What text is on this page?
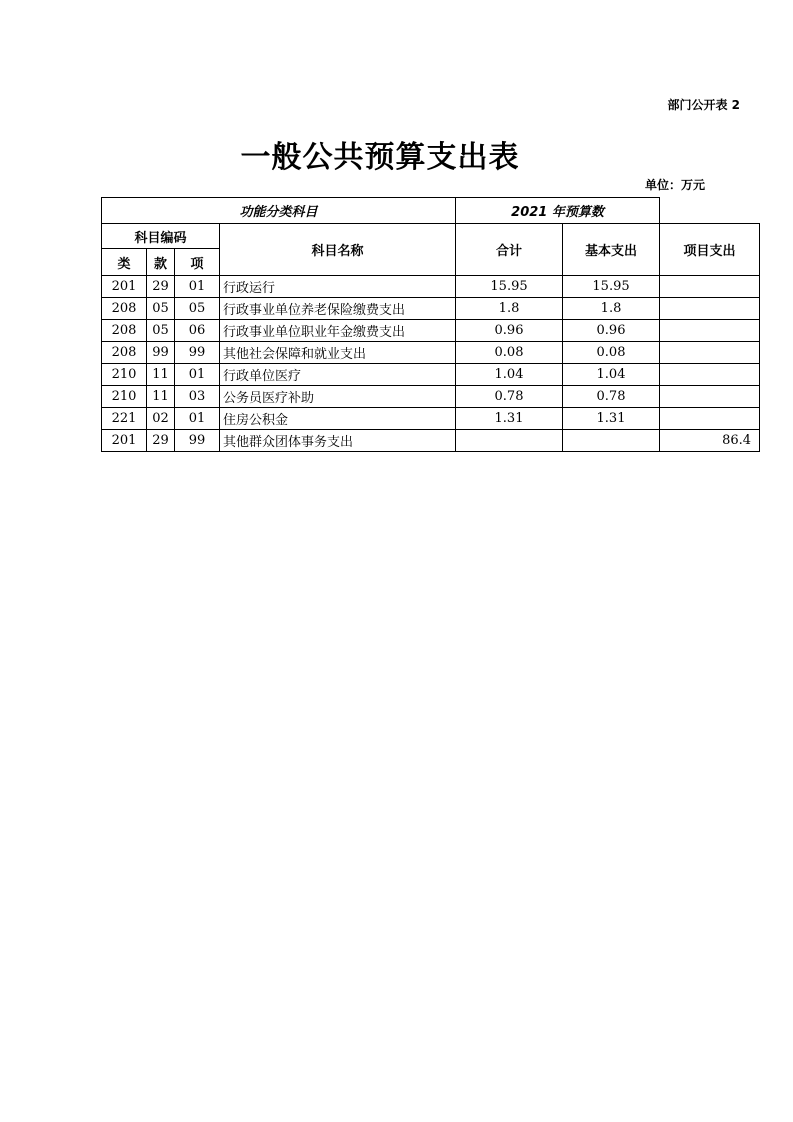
部门公开表 2
一般公共预算支出表
单位：万元
功能分类科目				2021 年预算数		
科目编码			科目名称	合计	基本支出	项目支出
类	款	项				
201	29	01	行政运行	15.95	15.95	
208	05	05	行政事业单位养老保险缴费支出	1.8	1.8	
208	05	06	行政事业单位职业年金缴费支出	0.96	0.96	
208	99	99	其他社会保障和就业支出	0.08	0.08	
210	11	01	行政单位医疗	1.04	1.04	
210	11	03	公务员医疗补助	0.78	0.78	
221	02	01	住房公积金	1.31	1.31	
201	29	99	其他群众团体事务支出			86.4
